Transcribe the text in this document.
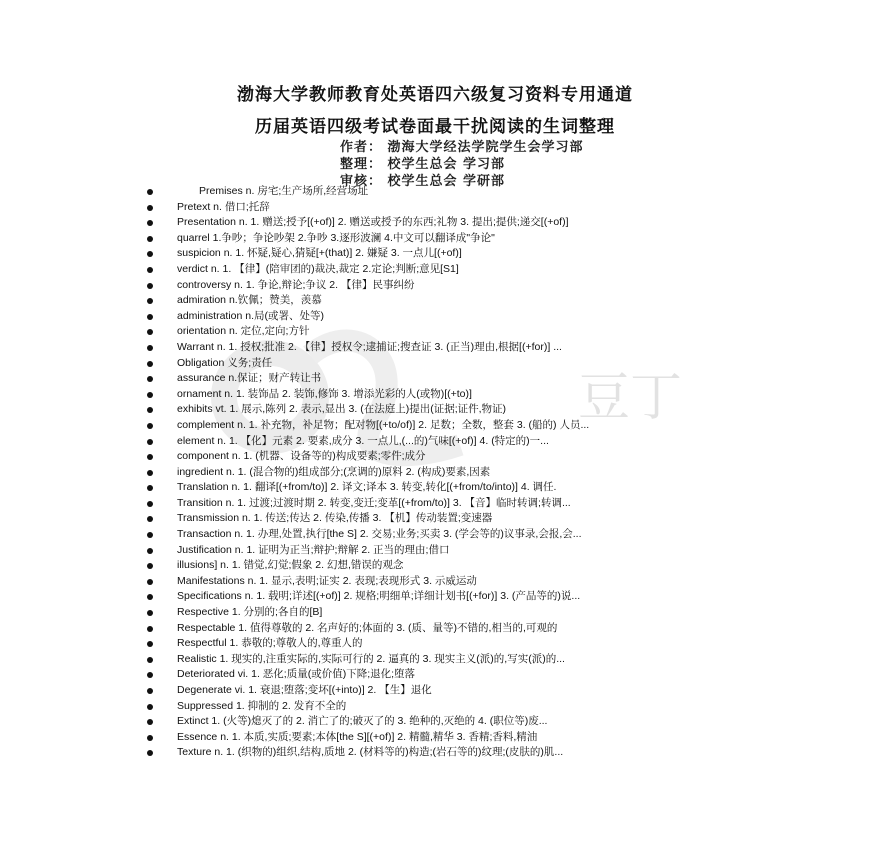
豆丁
渤海大学教师教育处英语四六级复习资料专用通道
历届英语四级考试卷面最干扰阅读的生词整理
作者： 渤海大学经法学院学生会学习部
整理： 校学生总会 学习部
审核： 校学生总会 学研部
Premises n. 房宅;生产场所,经营场址
Pretext n. 借口;托辞
Presentation n. 1. 赠送;授予[(+of)] 2. 赠送或授予的东西;礼物 3. 提出;提供;递交[(+of)]
quarrel 1.争吵；争论吵架 2.争吵 3.逐形波澜 4.中文可以翻译成"争论"
suspicion n. 1. 怀疑,疑心,猜疑[+(that)] 2. 嫌疑 3. 一点儿[(+of)]
verdict n. 1. 【律】(陪审团的)裁决,裁定 2.定论;判断;意见[S1]
controversy n. 1. 争论,辩论;争议 2. 【律】民事纠纷
admiration n.钦佩；赞美，羡慕
administration n.局(或署、处等)
orientation n. 定位,定向;方针
Warrant n. 1. 授权;批准 2. 【律】授权令;逮捕证;搜查证 3. (正当)理由,根据[(+for)] ...
Obligation 义务;责任
assurance n.保证；财产转让书
ornament n. 1. 装饰品 2. 装饰,修饰 3. 增添光彩的人(或物)[(+to)]
exhibits vt. 1. 展示,陈列 2. 表示,显出 3. (在法庭上)提出(证据;证件,物证)
complement n. 1. 补充物，补足物；配对物[(+to/of)] 2. 足数；全数，整套 3. (船的) 人员...
element n. 1. 【化】元素 2. 要素,成分 3. 一点儿,(...的)气味[(+of)] 4. (特定的)一...
component n. 1. (机器、设备等的)构成要素;零件;成分
ingredient n. 1. (混合物的)组成部分;(烹调的)原料 2. (构成)要素,因素
Translation n. 1. 翻译[(+from/to)] 2. 译文;译本 3. 转变,转化[(+from/to/into)] 4. 调任.
Transition n. 1. 过渡;过渡时期 2. 转变,变迁;变革[(+from/to)] 3. 【音】临时转调;转调...
Transmission n. 1. 传送;传达 2. 传染,传播 3. 【机】传动装置;变速器
Transaction n. 1. 办理,处置,执行[the S] 2. 交易;业务;买卖 3. (学会等的)议事录,会报,会...
Justification n. 1. 证明为正当;辩护;辩解 2. 正当的理由;借口
illusions] n. 1. 错觉,幻觉;假象 2. 幻想,错误的观念
Manifestations n. 1. 显示,表明;证实 2. 表现;表现形式 3. 示威运动
Specifications n. 1. 载明;详述[(+of)] 2. 规格;明细单;详细计划书[(+for)] 3. (产品等的)说...
Respective 1. 分别的;各自的[B]
Respectable 1. 值得尊敬的 2. 名声好的;体面的 3. (质、量等)不错的,相当的,可观的
Respectful 1. 恭敬的;尊敬人的,尊重人的
Realistic 1. 现实的,注重实际的,实际可行的 2. 逼真的 3. 现实主义(派)的,写实(派)的...
Deteriorated vi. 1. 恶化;质量(或价值)下降;退化;堕落
Degenerate vi. 1. 衰退;堕落;变坏[(+into)] 2. 【生】退化
Suppressed 1. 抑制的 2. 发育不全的
Extinct 1. (火等)熄灭了的 2. 消亡了的;破灭了的 3. 绝种的,灭绝的 4. (职位等)废...
Essence n. 1. 本质,实质;要素;本体[the S][(+of)] 2. 精髓,精华 3. 香精;香料,精油
Texture n. 1. (织物的)组织,结构,质地 2. (材料等的)构造;(岩石等的)纹理;(皮肤的)肌...
